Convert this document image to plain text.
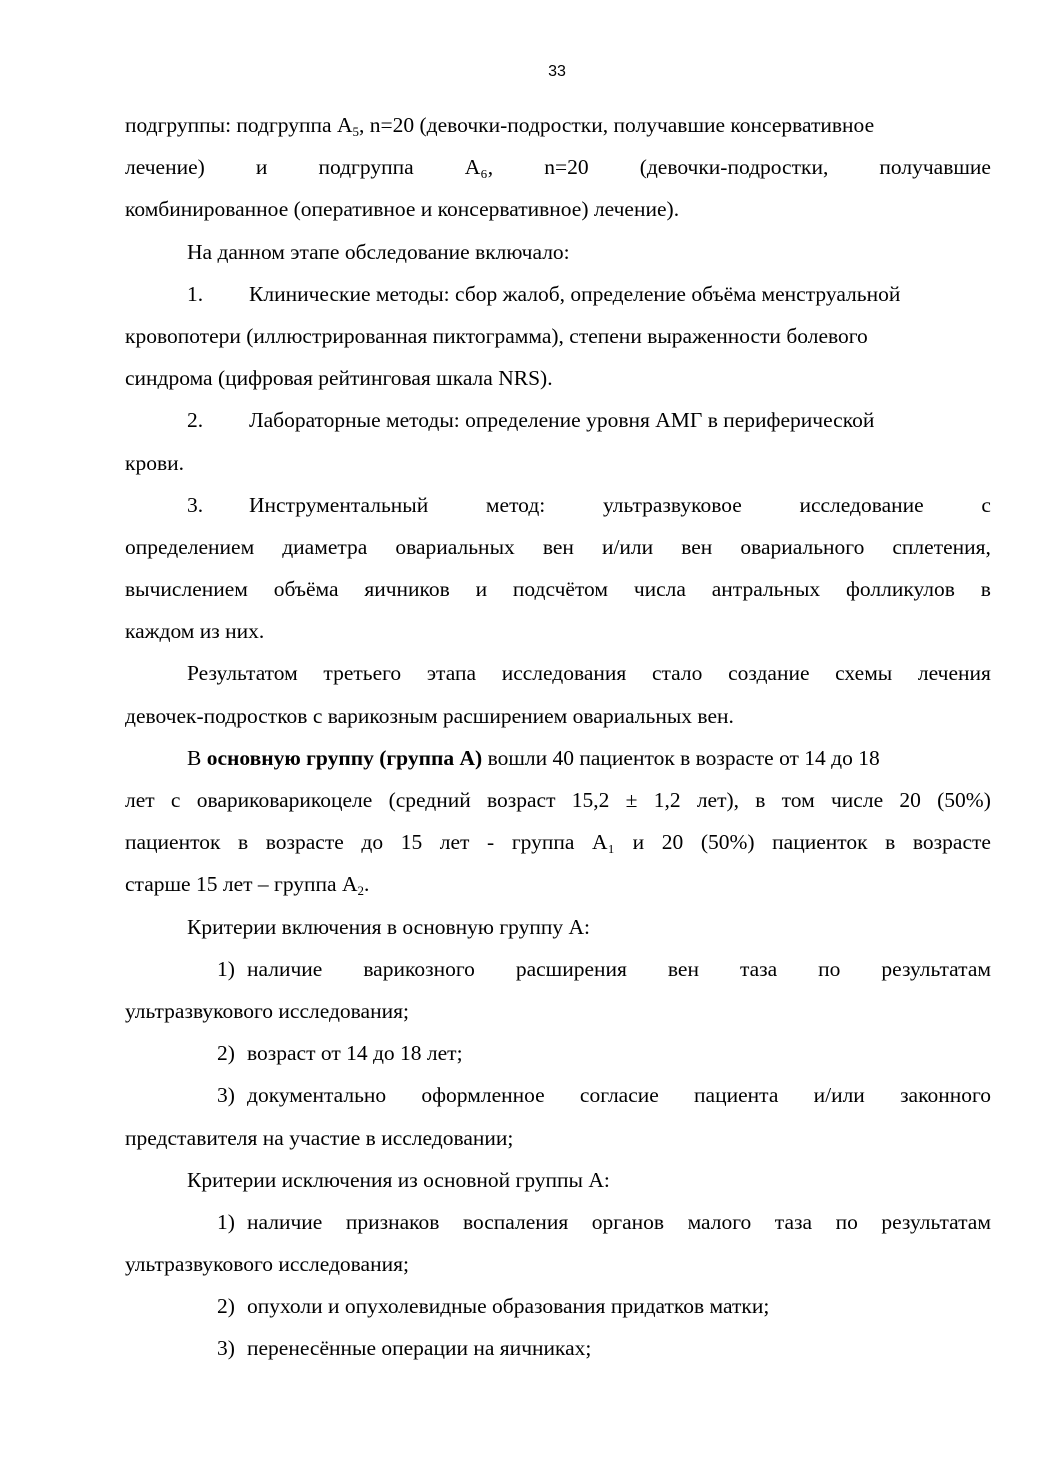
33
подгруппы: подгруппа $А_5$, n=20 (девочки-подростки, получавшие консервативное
лечение) и подгруппа А₆, n=20 (девочки-подростки, получавшие
комбинированное (оперативное и консервативное) лечение).
На данном этапе обследование включало:
1. Клинические методы: сбор жалоб, определение объёма менструальной
кровопотери (иллюстрированная пиктограмма), степени выраженности болевого
синдрома (цифровая рейтинговая шкала NRS).
2. Лабораторные методы: определение уровня АМГ в периферической
крови.
3.	Инструментальный	метод:	ультразвуковое	исследование	с
определением диаметра овариальных вен и/или вен овариального сплетения,
вычислением объёма яичников и подсчётом числа антральных фолликулов в
каждом из них.
Результатом третьего этапа исследования стало создание схемы лечения
девочек-подростков с варикозным расширением овариальных вен.
В основную группу (группа А) вошли 40 пациенток в возрасте от 14 до 18
лет с овариковарикоцеле (средний возраст 15,2 ± 1,2 лет), в том числе 20 (50%)
пациенток в возрасте до 15 лет - группа А₁ и 20 (50%) пациенток в возрасте
старше 15 лет – группа $А_2$.
Критерии включения в основную группу А:
1) наличие варикозного расширения вен таза по результатам
ультразвукового исследования;
2) возраст от 14 до 18 лет;
3) документально оформленное согласие пациента и/или законного
представителя на участие в исследовании;
Критерии исключения из основной группы А:
1) наличие признаков воспаления органов малого таза по результатам
ультразвукового исследования;
2) опухоли и опухолевидные образования придатков матки;
3) перенесённые операции на яичниках;
